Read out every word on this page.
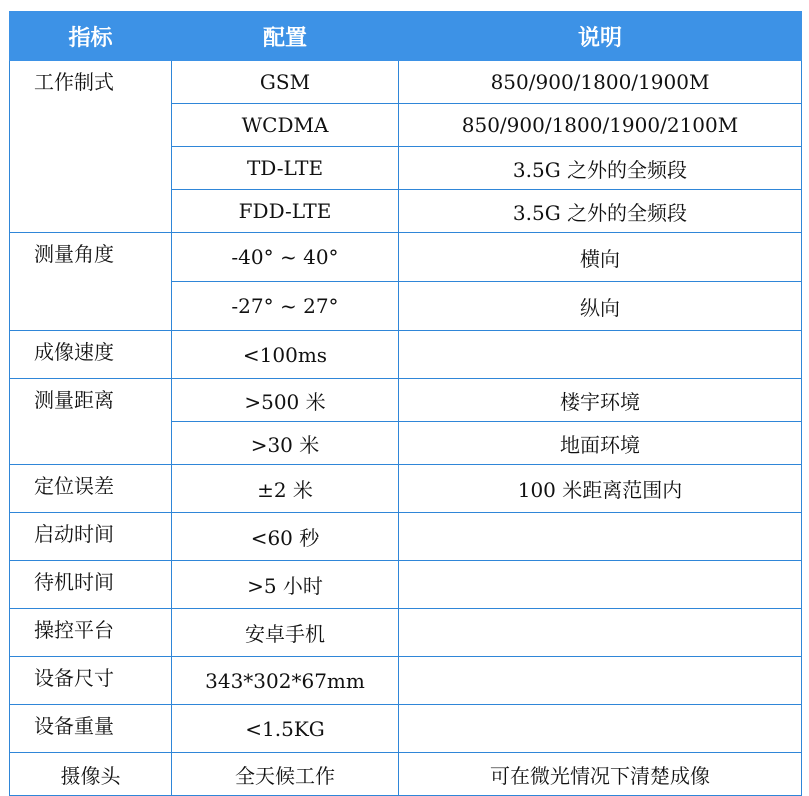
指标	配置	说明
工作制式	GSM	850/900/1800/1900M
	WCDMA	850/900/1800/1900/2100M
	TD-LTE	3.5G 之外的全频段
	FDD-LTE	3.5G 之外的全频段
测量角度	-40° ~ 40°	横向
	-27° ~ 27°	纵向
成像速度	<100ms	
测量距离	>500 米	楼宇环境
	>30 米	地面环境
定位误差	±2 米	100 米距离范围内
启动时间	<60 秒	
待机时间	>5 小时	
操控平台	安卓手机	
设备尺寸	343*302*67mm	
设备重量	<1.5KG	
摄像头	全天候工作	可在微光情况下清楚成像
